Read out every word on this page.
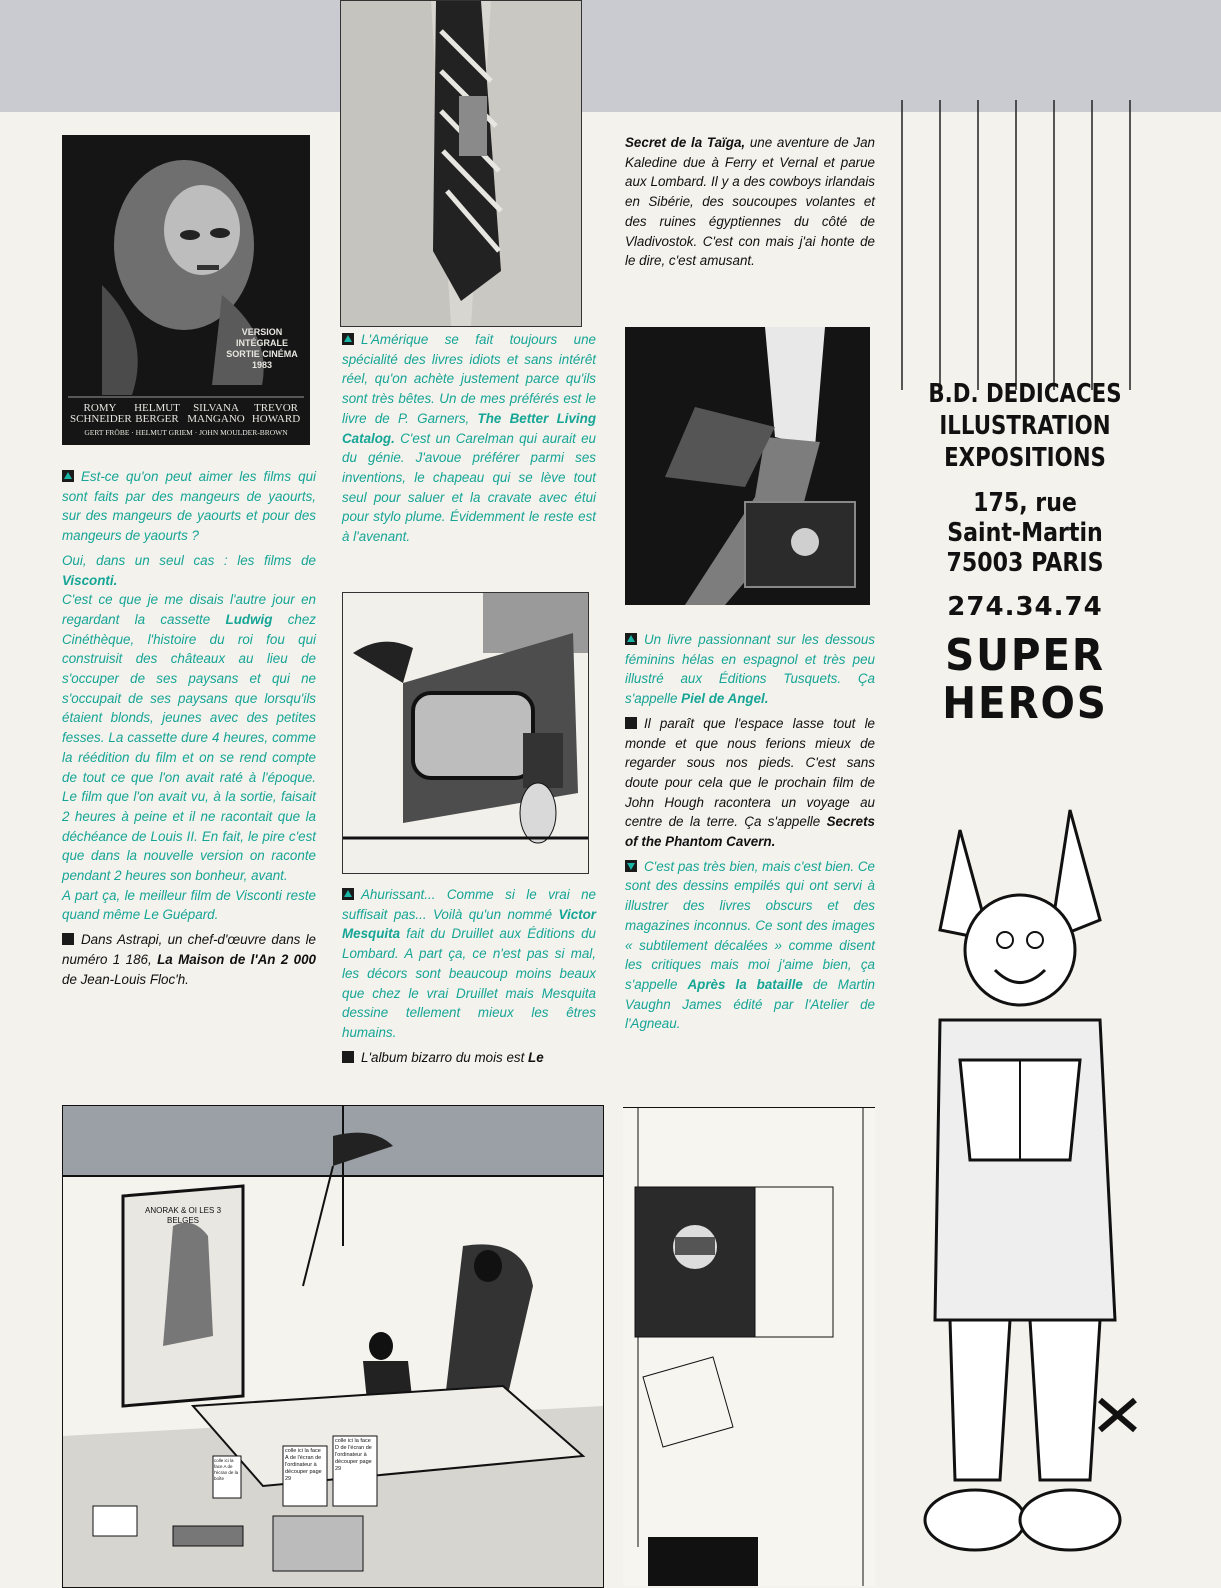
VERSION
INTÉGRALE
SORTIE CINÉMA
1983
ROMY
SCHNEIDER
HELMUT
BERGER
SILVANA
MANGANO
TREVOR
HOWARD
GERT FRÖBE · HELMUT GRIEM · JOHN MOULDER-BROWN
ANORAK & OI LES 3 BELGES
colle ici la face A de l'écran de la boîte
colle ici la face A de l'écran de l'ordinateur à découper page 29
colle ici la face D de l'écran de l'ordinateur à découper page 29

Est-ce qu'on peut aimer les films qui sont faits par des mangeurs de yaourts, sur des mangeurs de yaourts et pour des mangeurs de yaourts ?

Oui, dans un seul cas : les films de Visconti.

C'est ce que je me disais l'autre jour en regardant la cassette Ludwig chez Cinéthèque, l'histoire du roi fou qui construisit des châteaux au lieu de s'occuper de ses paysans et qui ne s'occupait de ses paysans que lorsqu'ils étaient blonds, jeunes avec des petites fesses. La cassette dure 4 heures, comme la réédition du film et on se rend compte de tout ce que l'on avait raté à l'époque. Le film que l'on avait vu, à la sortie, faisait 2 heures à peine et il ne racontait que la déchéance de Louis II. En fait, le pire c'est que dans la nouvelle version on raconte pendant 2 heures son bonheur, avant.

A part ça, le meilleur film de Visconti reste quand même Le Guépard.

Dans Astrapi, un chef-d'œuvre dans le numéro 1 186, La Maison de l'An 2 000 de Jean-Louis Floc'h.

L'Amérique se fait toujours une spécialité des livres idiots et sans intérêt réel, qu'on achète justement parce qu'ils sont très bêtes. Un de mes préférés est le livre de P. Garners, The Better Living Catalog. C'est un Carelman qui aurait eu du génie. J'avoue préférer parmi ses inventions, le chapeau qui se lève tout seul pour saluer et la cravate avec étui pour stylo plume. Évidemment le reste est à l'avenant.

Ahurissant... Comme si le vrai ne suffisait pas... Voilà qu'un nommé Victor Mesquita fait du Druillet aux Éditions du Lombard. A part ça, ce n'est pas si mal, les décors sont beaucoup moins beaux que chez le vrai Druillet mais Mesquita dessine tellement mieux les êtres humains.

L'album bizarro du mois est Le

Secret de la Taïga, une aventure de Jan Kaledine due à Ferry et Vernal et parue aux Lombard. Il y a des cowboys irlandais en Sibérie, des soucoupes volantes et des ruines égyptiennes du côté de Vladivostok. C'est con mais j'ai honte de le dire, c'est amusant.

Un livre passionnant sur les dessous féminins hélas en espagnol et très peu illustré aux Éditions Tusquets. Ça s'appelle Piel de Angel.

Il paraît que l'espace lasse tout le monde et que nous ferions mieux de regarder sous nos pieds. C'est sans doute pour cela que le prochain film de John Hough racontera un voyage au centre de la terre. Ça s'appelle Secrets of the Phantom Cavern.

C'est pas très bien, mais c'est bien. Ce sont des dessins empilés qui ont servi à illustrer des livres obscurs et des magazines inconnus. Ce sont des images « subtilement décalées » comme disent les critiques mais moi j'aime bien, ça s'appelle Après la bataille de Martin Vaughn James édité par l'Atelier de l'Agneau.

B.D. DEDICACES
ILLUSTRATION
EXPOSITIONS
175, rue
Saint-Martin
75003 PARIS
274.34.74
SUPER
HEROS
